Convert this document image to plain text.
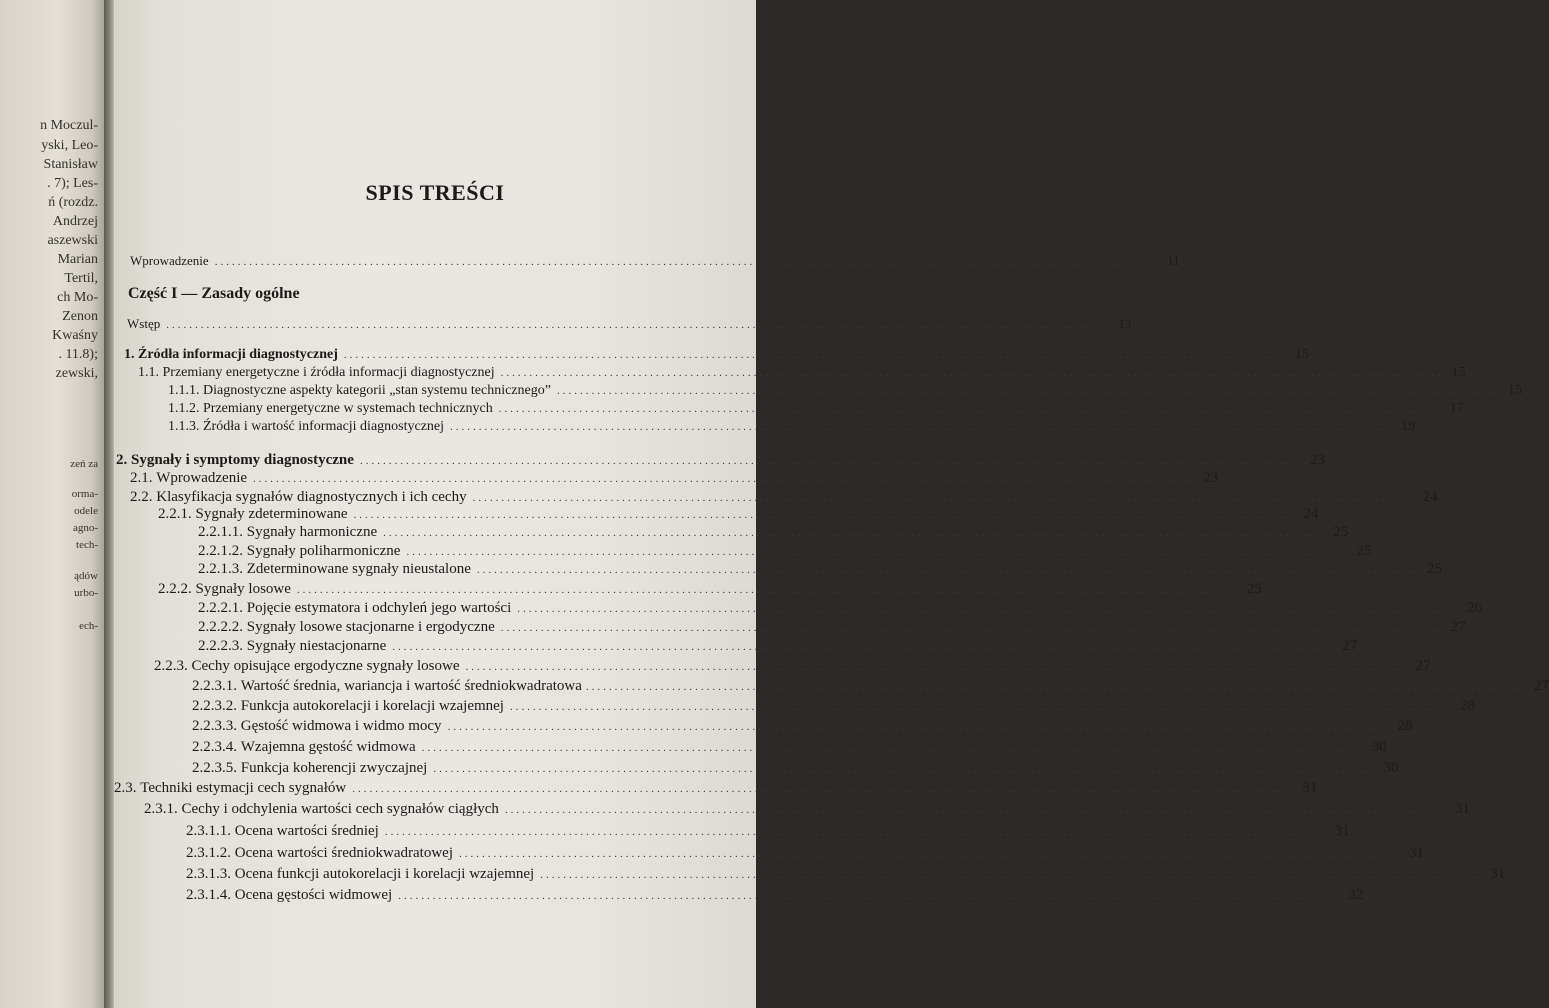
n Moczul-
yski, Leo-
Stanisław
. 7); Les-
ń (rozdz.
Andrzej
aszewski
Marian
Tertil,
ch Mo-
Zenon
Kwaśny
. 11.8);
zewski,
zeń za
orma-
odele
agno-
tech-
ądów
urbo-
ech-
SPIS TREŚCI
Wprowadzenie .................................................................................................................................................................... 11
Część I — Zasady ogólne
Wstęp .................................................................................................................................................................... 13
1.
Źródła informacji diagnostycznej .................................................................................................................................................................... 15
1.1.
Przemiany energetyczne i źródła informacji diagnostycznej .................................................................................................................................................................... 15
1.1.1.
Diagnostyczne aspekty kategorii „stan systemu technicznego” .................................................................................................................................................................... 15
1.1.2.
Przemiany energetyczne w systemach technicznych .................................................................................................................................................................... 17
1.1.3.
Źródła i wartość informacji diagnostycznej .................................................................................................................................................................... 19
2.
Sygnały i symptomy diagnostyczne .................................................................................................................................................................... 23
2.1.
Wprowadzenie .................................................................................................................................................................... 23
2.2.
Klasyfikacja sygnałów diagnostycznych i ich cechy .................................................................................................................................................................... 24
2.2.1.
Sygnały zdeterminowane .................................................................................................................................................................... 24
2.2.1.1.
Sygnały harmoniczne .................................................................................................................................................................... 25
2.2.1.2.
Sygnały poliharmoniczne .................................................................................................................................................................... 25
2.2.1.3.
Zdeterminowane sygnały nieustalone .................................................................................................................................................................... 25
2.2.2.
Sygnały losowe .................................................................................................................................................................... 25
2.2.2.1.
Pojęcie estymatora i odchyleń jego wartości .................................................................................................................................................................... 26
2.2.2.2.
Sygnały losowe stacjonarne i ergodyczne .................................................................................................................................................................... 27
2.2.2.3.
Sygnały niestacjonarne .................................................................................................................................................................... 27
2.2.3.
Cechy opisujące ergodyczne sygnały losowe .................................................................................................................................................................... 27
2.2.3.1.
Wartość średnia, wariancja i wartość średniokwadratowa .................................................................................................................................................................... 27
2.2.3.2.
Funkcja autokorelacji i korelacji wzajemnej .................................................................................................................................................................... 28
2.2.3.3.
Gęstość widmowa i widmo mocy .................................................................................................................................................................... 28
2.2.3.4.
Wzajemna gęstość widmowa .................................................................................................................................................................... 30
2.2.3.5.
Funkcja koherencji zwyczajnej .................................................................................................................................................................... 30
2.3.
Techniki estymacji cech sygnałów .................................................................................................................................................................... 31
2.3.1.
Cechy i odchylenia wartości cech sygnałów ciągłych .................................................................................................................................................................... 31
2.3.1.1.
Ocena wartości średniej .................................................................................................................................................................... 31
2.3.1.2.
Ocena wartości średniokwadratowej .................................................................................................................................................................... 31
2.3.1.3.
Ocena funkcji autokorelacji i korelacji wzajemnej .................................................................................................................................................................... 31
2.3.1.4.
Ocena gęstości widmowej .................................................................................................................................................................... 32
